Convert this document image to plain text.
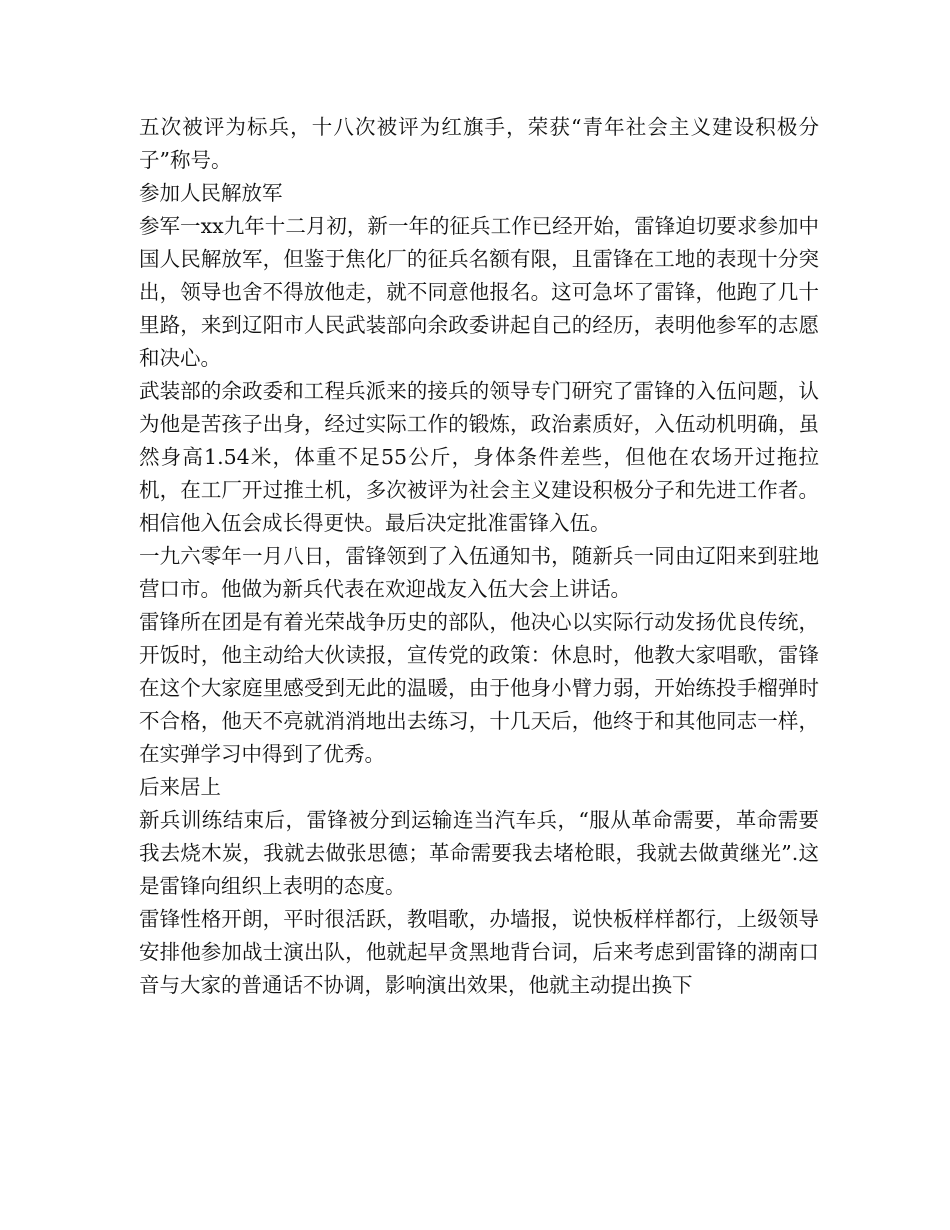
五次被评为标兵，十八次被评为红旗手，荣获“青年社会主义建设积极分子”称号。

参加人民解放军

参军一xx九年十二月初，新一年的征兵工作已经开始，雷锋迫切要求参加中国人民解放军，但鉴于焦化厂的征兵名额有限，且雷锋在工地的表现十分突出，领导也舍不得放他走，就不同意他报名。这可急坏了雷锋，他跑了几十里路，来到辽阳市人民武装部向余政委讲起自己的经历，表明他参军的志愿和决心。

武装部的余政委和工程兵派来的接兵的领导专门研究了雷锋的入伍问题，认为他是苦孩子出身，经过实际工作的锻炼，政治素质好，入伍动机明确，虽然身高1.54米，体重不足55公斤，身体条件差些，但他在农场开过拖拉机，在工厂开过推土机，多次被评为社会主义建设积极分子和先进工作者。相信他入伍会成长得更快。最后决定批准雷锋入伍。

一九六零年一月八日，雷锋领到了入伍通知书，随新兵一同由辽阳来到驻地营口市。他做为新兵代表在欢迎战友入伍大会上讲话。

雷锋所在团是有着光荣战争历史的部队，他决心以实际行动发扬优良传统，开饭时，他主动给大伙读报，宣传党的政策：休息时，他教大家唱歌，雷锋在这个大家庭里感受到无此的温暖，由于他身小臂力弱，开始练投手榴弹时不合格，他天不亮就消消地出去练习，十几天后，他终于和其他同志一样，在实弹学习中得到了优秀。

后来居上

新兵训练结束后，雷锋被分到运输连当汽车兵，“服从革命需要，革命需要我去烧木炭，我就去做张思德；革命需要我去堵枪眼，我就去做黄继光”.这是雷锋向组织上表明的态度。

雷锋性格开朗，平时很活跃，教唱歌，办墙报，说快板样样都行，上级领导安排他参加战士演出队，他就起早贪黑地背台词，后来考虑到雷锋的湖南口音与大家的普通话不协调，影响演出效果，他就主动提出换下
